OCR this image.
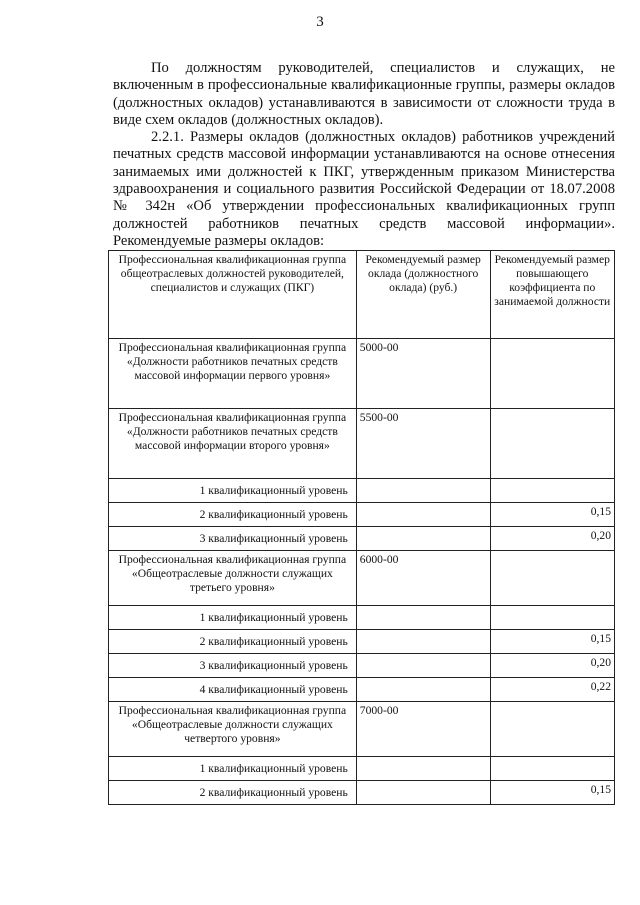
3

По должностям руководителей, специалистов и служащих, не включенным в профессиональные квалификационные группы, размеры окладов (должностных окладов) устанавливаются в зависимости от сложности труда в виде схем окладов (должностных окладов).

2.2.1. Размеры окладов (должностных окладов) работников учреждений печатных средств массовой информации устанавливаются на основе отнесения занимаемых ими должностей к ПКГ, утвержденным приказом Министерства здравоохранения и социального развития Российской Федерации от 18.07.2008 № 342н «Об утверждении профессиональных квалификационных групп должностей работников печатных средств массовой информации». Рекомендуемые размеры окладов:

Профессиональная квалификационная группа общеотраслевых должностей руководителей, специалистов и служащих (ПКГ)	Рекомендуемый размер оклада (должностного оклада) (руб.)	Рекомендуемый размер повышающего коэффициента по занимаемой должности
Профессиональная квалификационная группа «Должности работников печатных средств массовой информации первого уровня»	5000-00	
Профессиональная квалификационная группа «Должности работников печатных средств массовой информации второго уровня»	5500-00	
1 квалификационный уровень		
2 квалификационный уровень		0,15
3 квалификационный уровень		0,20
Профессиональная квалификационная группа «Общеотраслевые должности служащих третьего уровня»	6000-00	
1 квалификационный уровень		
2 квалификационный уровень		0,15
3 квалификационный уровень		0,20
4 квалификационный уровень		0,22
Профессиональная квалификационная группа «Общеотраслевые должности служащих четвертого уровня»	7000-00	
1 квалификационный уровень		
2 квалификационный уровень		0,15
